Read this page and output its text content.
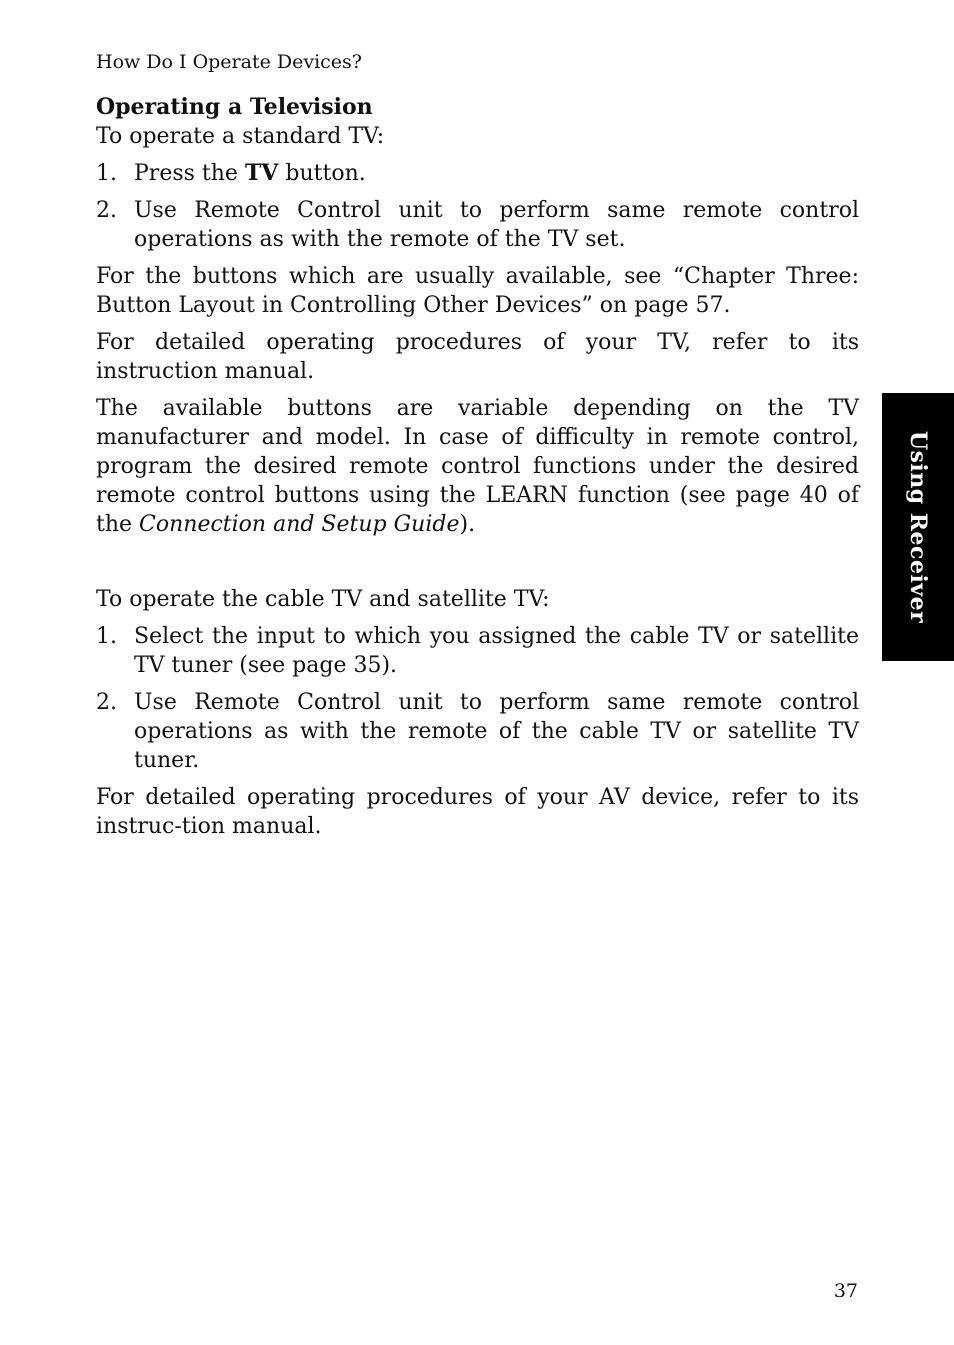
How Do I Operate Devices?
Operating a Television

To operate a standard TV:

1. Press the TV button.
2. Use Remote Control unit to perform same remote control operations as with the remote of the TV set.

For the buttons which are usually available, see “Chapter Three: Button Layout in Controlling Other Devices” on page 57.

For detailed operating procedures of your TV, refer to its instruction manual.

The available buttons are variable depending on the TV manufacturer and model. In case of difficulty in remote control, program the desired remote control functions under the desired remote control buttons using the LEARN function (see page 40 of the Connection and Setup Guide).

To operate the cable TV and satellite TV:

1. Select the input to which you assigned the cable TV or satellite TV tuner (see page 35).
2. Use Remote Control unit to perform same remote control operations as with the remote of the cable TV or satellite TV tuner.

For detailed operating procedures of your AV device, refer to its instruc-tion manual.

Using Receiver
37
